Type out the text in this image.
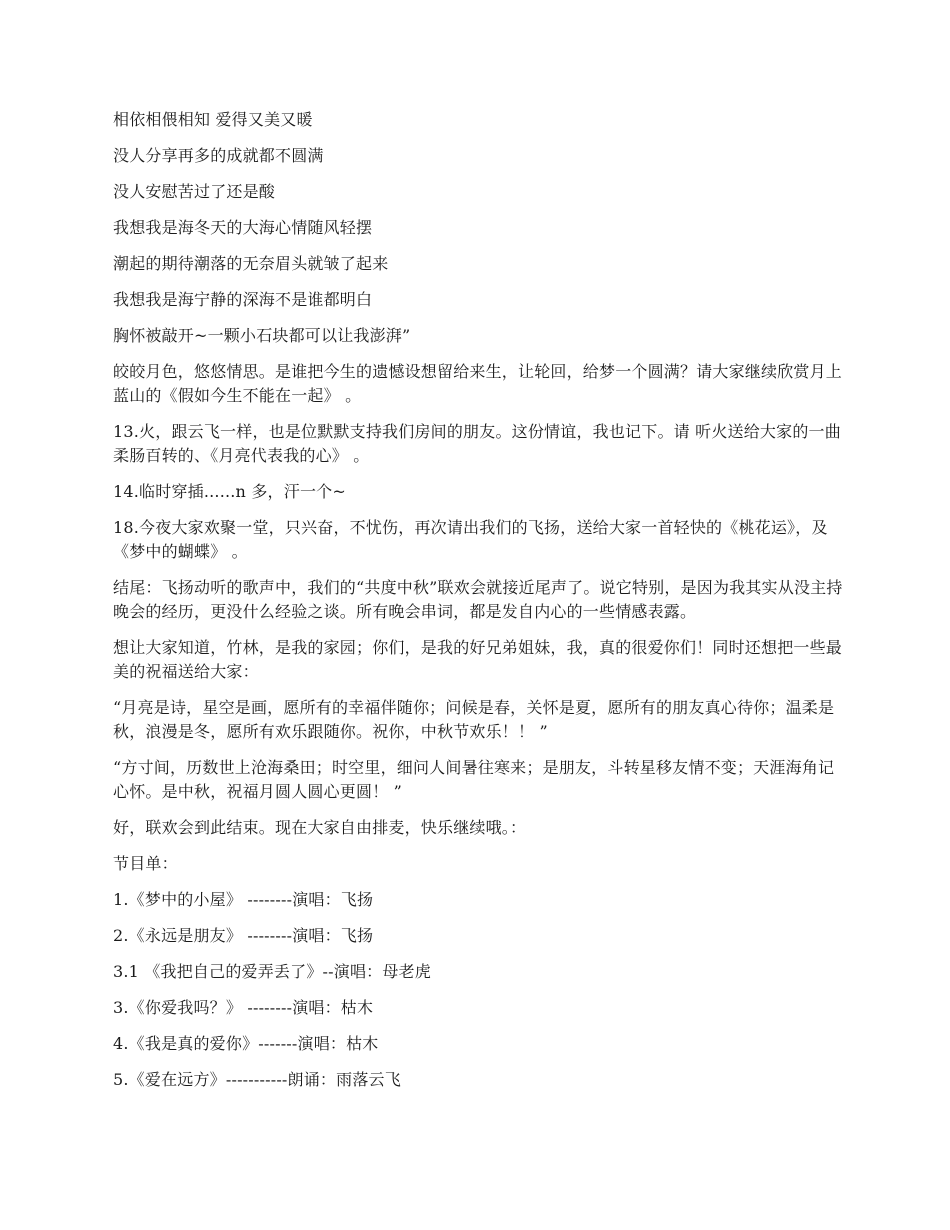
相依相偎相知 爱得又美又暖

没人分享再多的成就都不圆满

没人安慰苦过了还是酸

我想我是海冬天的大海心情随风轻摆

潮起的期待潮落的无奈眉头就皱了起来

我想我是海宁静的深海不是谁都明白

胸怀被敲开~一颗小石块都可以让我澎湃”

皎皎月色，悠悠情思。是谁把今生的遗憾设想留给来生，让轮回，给梦一个圆满？请大家继续欣赏月上蓝山的《假如今生不能在一起》 。

13.火，跟云飞一样，也是位默默支持我们房间的朋友。这份情谊，我也记下。请 听火送给大家的一曲柔肠百转的、《月亮代表我的心》 。

14.临时穿插......n 多，汗一个~

18.今夜大家欢聚一堂，只兴奋，不忧伤，再次请出我们的飞扬，送给大家一首轻快的《桃花运》，及《梦中的蝴蝶》 。

结尾：飞扬动听的歌声中，我们的“共度中秋”联欢会就接近尾声了。说它特别，是因为我其实从没主持晚会的经历，更没什么经验之谈。所有晚会串词，都是发自内心的一些情感表露。

想让大家知道，竹林，是我的家园；你们，是我的好兄弟姐妹，我，真的很爱你们！同时还想把一些最美的祝福送给大家：

“月亮是诗，星空是画，愿所有的幸福伴随你；问候是春，关怀是夏，愿所有的朋友真心待你；温柔是秋，浪漫是冬，愿所有欢乐跟随你。祝你，中秋节欢乐！！ ”

“方寸间，历数世上沧海桑田；时空里，细问人间暑往寒来；是朋友，斗转星移友情不变；天涯海角记心怀。是中秋，祝福月圆人圆心更圆！ ”

好，联欢会到此结束。现在大家自由排麦，快乐继续哦。：

节目单：

1.《梦中的小屋》 --------演唱：飞扬

2.《永远是朋友》 --------演唱：飞扬

3.1 《我把自己的爱弄丢了》--演唱：母老虎

3.《你爱我吗？》 --------演唱：枯木

4.《我是真的爱你》-------演唱：枯木

5.《爱在远方》-----------朗诵：雨落云飞
